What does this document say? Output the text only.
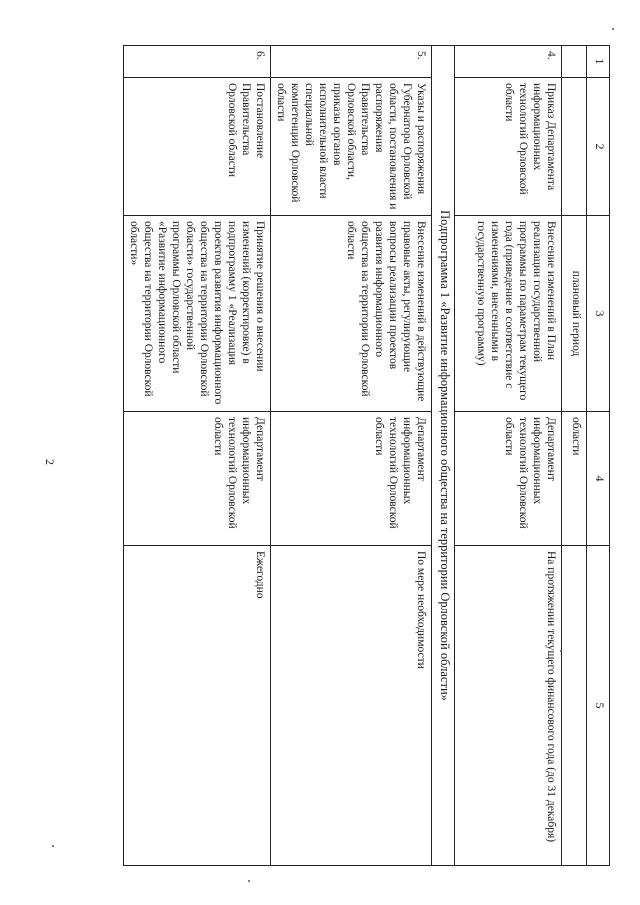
2
1	2	3	4	5
		плановый период	области	
4.	Приказ Департамента информационных технологий Орловской области	Внесение изменений в План реализации государственной программы по параметрам текущего года (приведение в соответствие с изменениями, внесенными в государственную программу)	Департамент информационных технологий Орловской области	На протяжении текущего финансового года (до 31 декабря)
Подпрограмма 1 «Развитие информационного общества на территории Орловской области»				
5.	Указы и распоряжения Губернатора Орловской области, постановления и распоряжения Правительства Орловской области, приказы органов исполнительной власти специальной компетенции Орловской области	Внесение изменений в действующие правовые акты, регулирующие вопросы реализации проектов развития информационного общества на территории Орловской области	Департамент информационных технологий Орловской области	По мере необходимости
6.	Постановление Правительства Орловской области	Принятие решения о внесении изменений (корректировке) в подпрограмму 1 «Реализация проектов развития информационного общества на территории Орловской области» государственной программы Орловской области «Развитие информационного общества на территории Орловской области»	Департамент информационных технологий Орловской области	Ежегодно
